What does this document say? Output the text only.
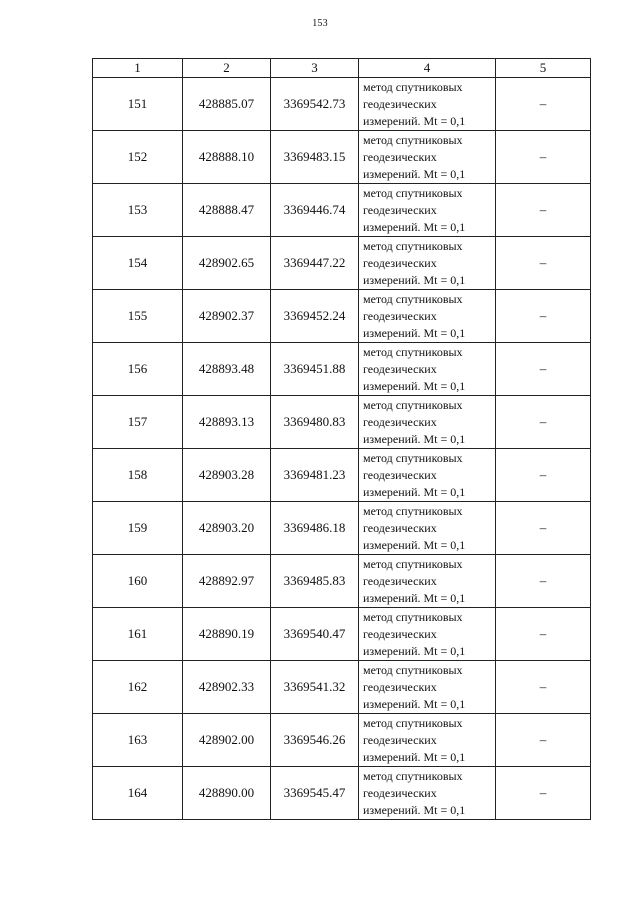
153
1	2	3	4	5
151	428885.07	3369542.73	метод спутниковых
геодезических
измерений. Mt = 0,1	–
152	428888.10	3369483.15	метод спутниковых
геодезических
измерений. Mt = 0,1	–
153	428888.47	3369446.74	метод спутниковых
геодезических
измерений. Mt = 0,1	–
154	428902.65	3369447.22	метод спутниковых
геодезических
измерений. Mt = 0,1	–
155	428902.37	3369452.24	метод спутниковых
геодезических
измерений. Mt = 0,1	–
156	428893.48	3369451.88	метод спутниковых
геодезических
измерений. Mt = 0,1	–
157	428893.13	3369480.83	метод спутниковых
геодезических
измерений. Mt = 0,1	–
158	428903.28	3369481.23	метод спутниковых
геодезических
измерений. Mt = 0,1	–
159	428903.20	3369486.18	метод спутниковых
геодезических
измерений. Mt = 0,1	–
160	428892.97	3369485.83	метод спутниковых
геодезических
измерений. Mt = 0,1	–
161	428890.19	3369540.47	метод спутниковых
геодезических
измерений. Mt = 0,1	–
162	428902.33	3369541.32	метод спутниковых
геодезических
измерений. Mt = 0,1	–
163	428902.00	3369546.26	метод спутниковых
геодезических
измерений. Mt = 0,1	–
164	428890.00	3369545.47	метод спутниковых
геодезических
измерений. Mt = 0,1	–
